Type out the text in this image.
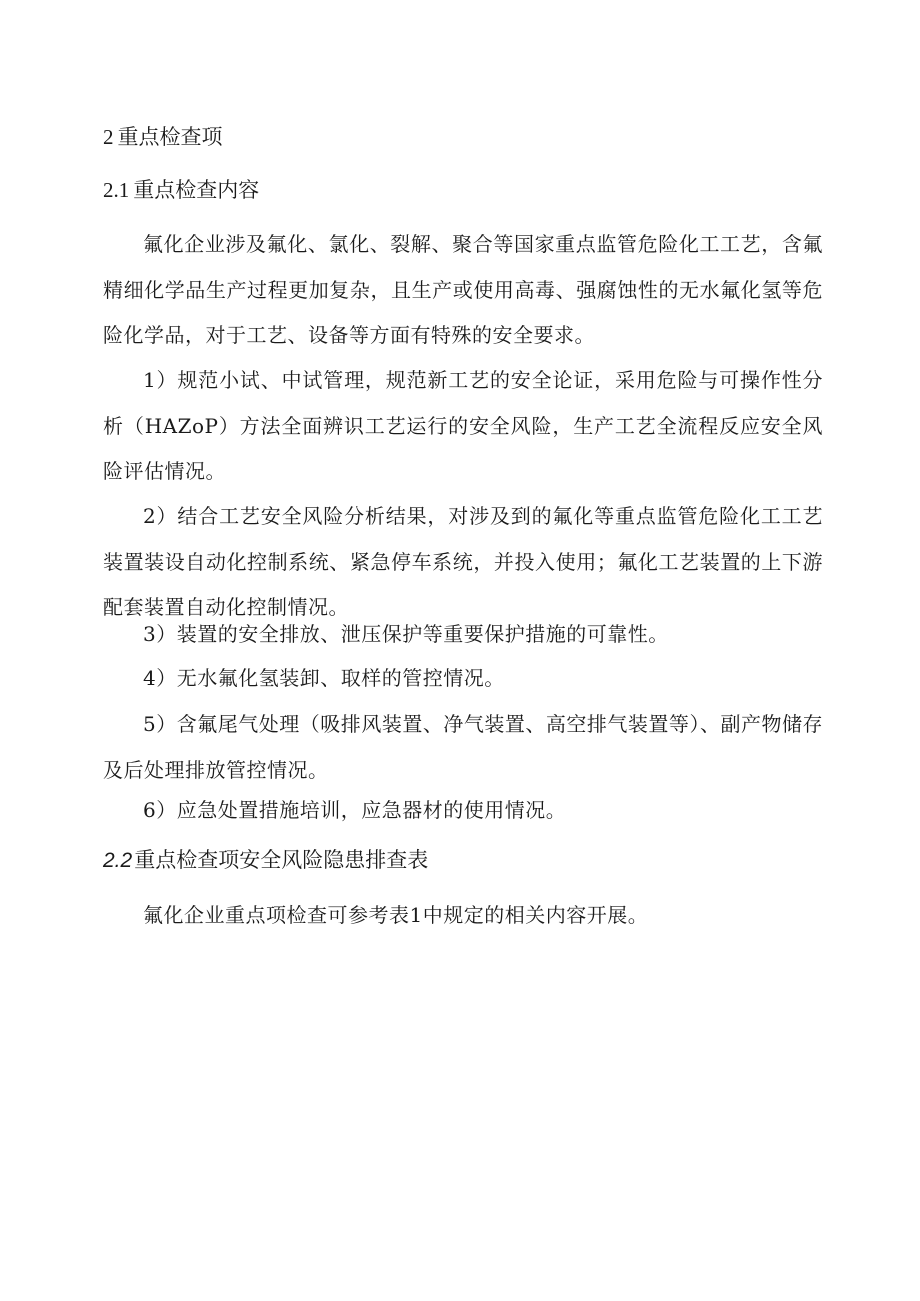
2 重点检查项
2.1 重点检查内容

氟化企业涉及氟化、氯化、裂解、聚合等国家重点监管危险化工工艺，含氟精细化学品生产过程更加复杂，且生产或使用高毒、强腐蚀性的无水氟化氢等危险化学品，对于工艺、设备等方面有特殊的安全要求。

1）规范小试、中试管理，规范新工艺的安全论证，采用危险与可操作性分析（HAZoP）方法全面辨识工艺运行的安全风险，生产工艺全流程反应安全风险评估情况。

2）结合工艺安全风险分析结果，对涉及到的氟化等重点监管危险化工工艺装置装设自动化控制系统、紧急停车系统，并投入使用；氟化工艺装置的上下游配套装置自动化控制情况。

3）装置的安全排放、泄压保护等重要保护措施的可靠性。

4）无水氟化氢装卸、取样的管控情况。

5）含氟尾气处理（吸排风装置、净气装置、高空排气装置等）、副产物储存及后处理排放管控情况。

6）应急处置措施培训，应急器材的使用情况。

2.2重点检查项安全风险隐患排查表

氟化企业重点项检查可参考表1中规定的相关内容开展。
